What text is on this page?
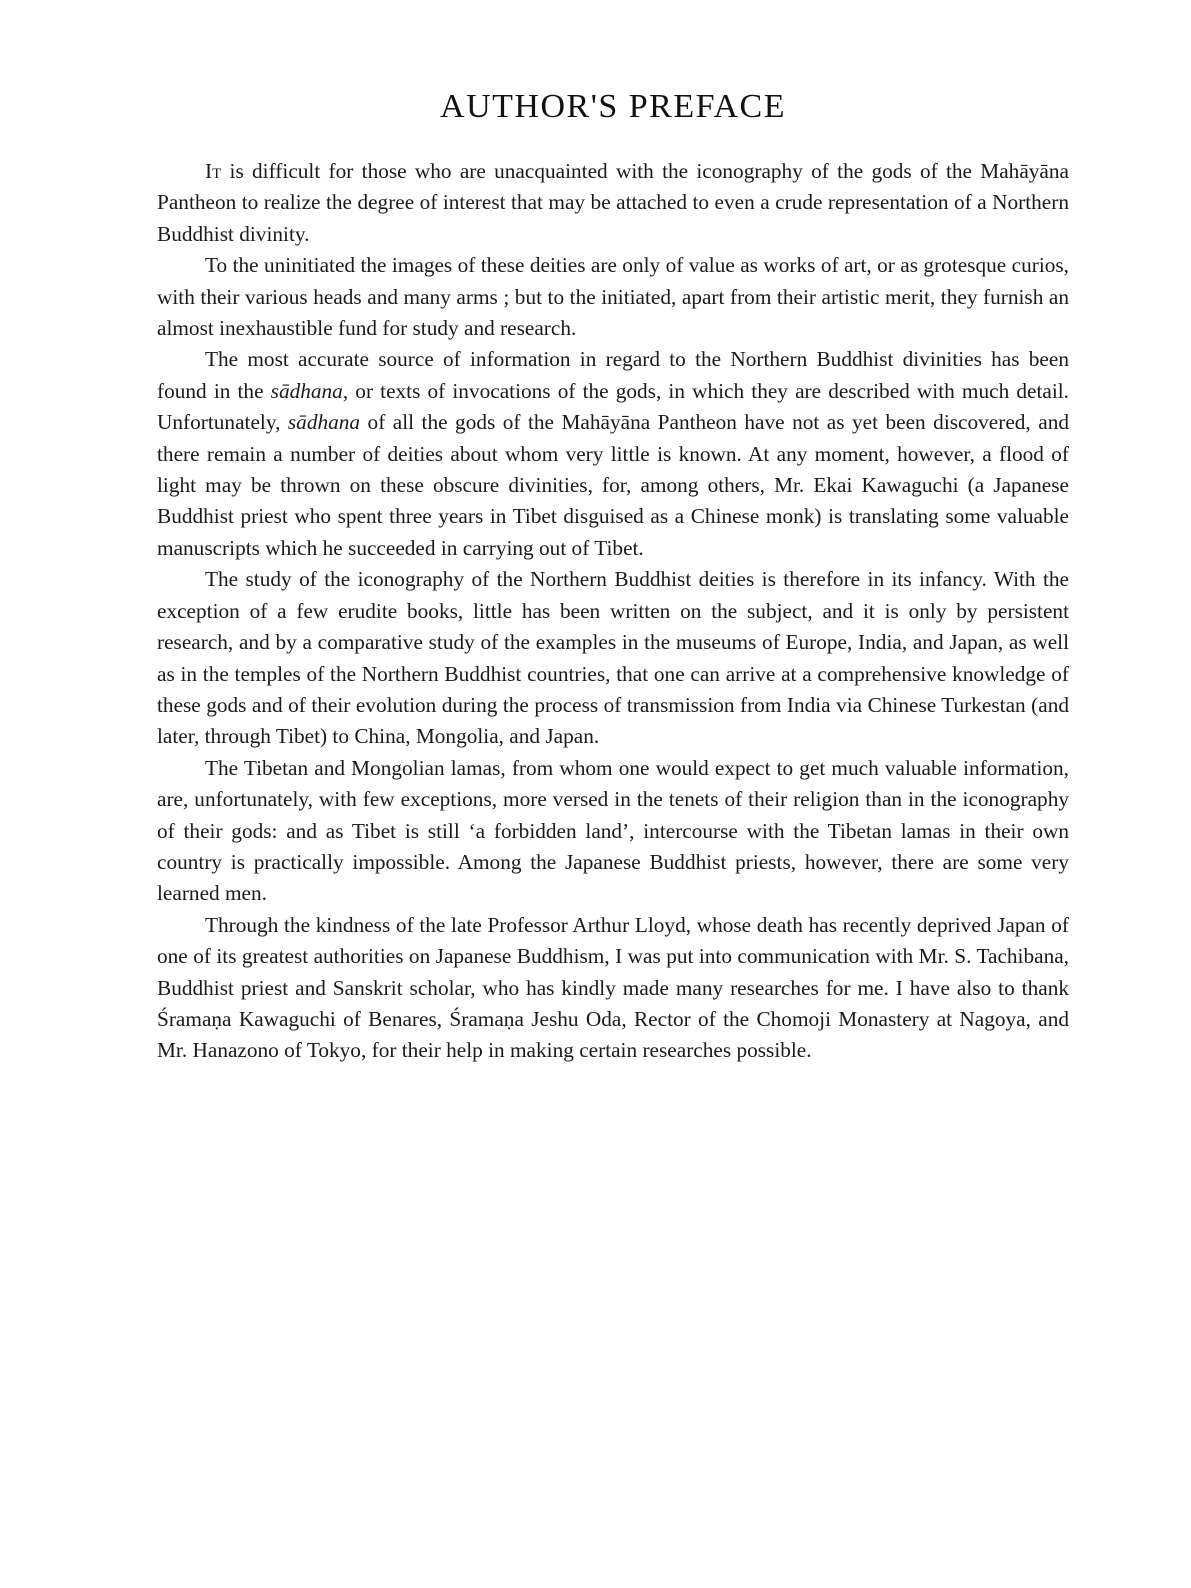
AUTHOR'S PREFACE

It is difficult for those who are unacquainted with the iconography of the gods of the Mahāyāna Pantheon to realize the degree of interest that may be attached to even a crude representation of a Northern Buddhist divinity.

To the uninitiated the images of these deities are only of value as works of art, or as grotesque curios, with their various heads and many arms ; but to the initiated, apart from their artistic merit, they furnish an almost inexhaustible fund for study and research.

The most accurate source of information in regard to the Northern Buddhist divinities has been found in the sādhana, or texts of invocations of the gods, in which they are described with much detail. Unfortunately, sādhana of all the gods of the Mahāyāna Pantheon have not as yet been discovered, and there remain a number of deities about whom very little is known. At any moment, however, a flood of light may be thrown on these obscure divinities, for, among others, Mr. Ekai Kawaguchi (a Japanese Buddhist priest who spent three years in Tibet disguised as a Chinese monk) is translating some valuable manuscripts which he succeeded in carrying out of Tibet.

The study of the iconography of the Northern Buddhist deities is therefore in its infancy. With the exception of a few erudite books, little has been written on the subject, and it is only by persistent research, and by a comparative study of the examples in the museums of Europe, India, and Japan, as well as in the temples of the Northern Buddhist countries, that one can arrive at a comprehensive knowledge of these gods and of their evolution during the process of transmission from India via Chinese Turkestan (and later, through Tibet) to China, Mongolia, and Japan.

The Tibetan and Mongolian lamas, from whom one would expect to get much valuable information, are, unfortunately, with few exceptions, more versed in the tenets of their religion than in the iconography of their gods: and as Tibet is still ‘a forbidden land’, intercourse with the Tibetan lamas in their own country is practically impossible. Among the Japanese Buddhist priests, however, there are some very learned men.

Through the kindness of the late Professor Arthur Lloyd, whose death has recently deprived Japan of one of its greatest authorities on Japanese Buddhism, I was put into communication with Mr. S. Tachibana, Buddhist priest and Sanskrit scholar, who has kindly made many researches for me. I have also to thank Śramaṇa Kawaguchi of Benares, Śramaṇa Jeshu Oda, Rector of the Chomoji Monastery at Nagoya, and Mr. Hanazono of Tokyo, for their help in making certain researches possible.
